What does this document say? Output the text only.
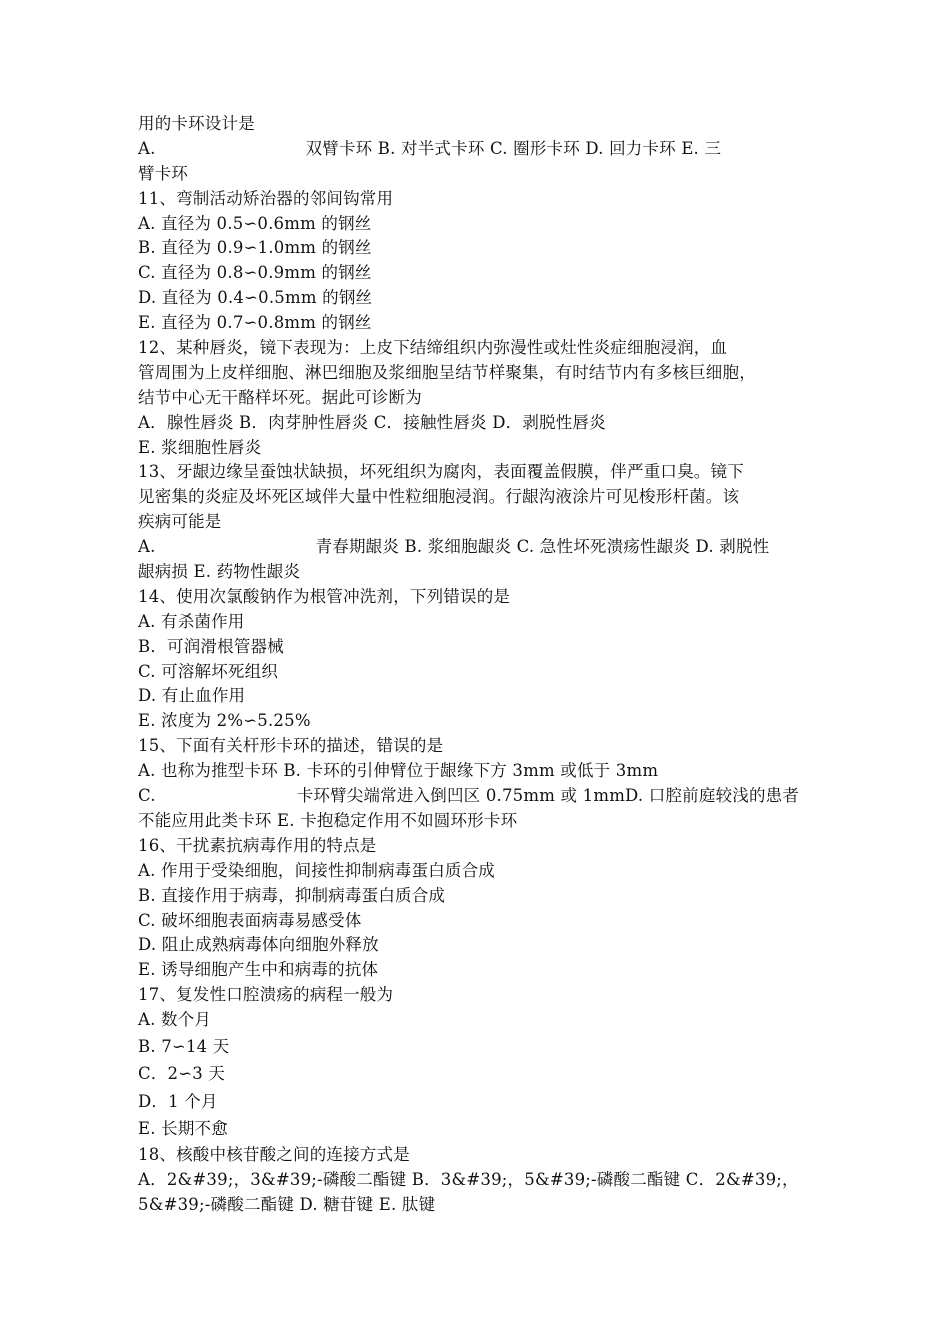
用的卡环设计是
A.	双臂卡环 B. 对半式卡环 C. 圈形卡环 D. 回力卡环 E. 三
臂卡环
11、弯制活动矫治器的邻间钩常用
A. 直径为 0.5∽0.6mm 的钢丝
B. 直径为 0.9∽1.0mm 的钢丝
C. 直径为 0.8∽0.9mm 的钢丝
D. 直径为 0.4∽0.5mm 的钢丝
E. 直径为 0.7∽0.8mm 的钢丝
12、某种唇炎，镜下表现为：上皮下结缔组织内弥漫性或灶性炎症细胞浸润，血
管周围为上皮样细胞、淋巴细胞及浆细胞呈结节样聚集，有时结节内有多核巨细胞，
结节中心无干酪样坏死。据此可诊断为
A．腺性唇炎 B．肉芽肿性唇炎 C．接触性唇炎 D．剥脱性唇炎
E. 浆细胞性唇炎
13、牙龈边缘呈蚕蚀状缺损，坏死组织为腐肉，表面覆盖假膜，伴严重口臭。镜下
见密集的炎症及坏死区域伴大量中性粒细胞浸润。行龈沟液涂片可见梭形杆菌。该
疾病可能是
A.	青春期龈炎 B. 浆细胞龈炎 C. 急性坏死溃疡性龈炎 D. 剥脱性
龈病损 E. 药物性龈炎
14、使用次氯酸钠作为根管冲洗剂，下列错误的是
A. 有杀菌作用
B．可润滑根管器械
C. 可溶解坏死组织
D. 有止血作用
E. 浓度为 2%∽5.25%
15、下面有关杆形卡环的描述，错误的是
A. 也称为推型卡环 B. 卡环的引伸臂位于龈缘下方 3mm 或低于 3mm
C.	卡环臂尖端常进入倒凹区 0.75mm 或 1mmD. 口腔前庭较浅的患者
不能应用此类卡环 E. 卡抱稳定作用不如圆环形卡环
16、干扰素抗病毒作用的特点是
A. 作用于受染细胞，间接性抑制病毒蛋白质合成
B. 直接作用于病毒，抑制病毒蛋白质合成
C. 破坏细胞表面病毒易感受体
D. 阻止成熟病毒体向细胞外释放
E. 诱导细胞产生中和病毒的抗体
17、复发性口腔溃疡的病程一般为
A. 数个月
B. 7∽14 天
C．2∽3 天
D．1 个月
E. 长期不愈
18、核酸中核苷酸之间的连接方式是
A．2&#39;，3&#39;-磷酸二酯键 B．3&#39;，5&#39;-磷酸二酯键 C．2&#39;，
5&#39;-磷酸二酯键 D. 糖苷键 E. 肽键
